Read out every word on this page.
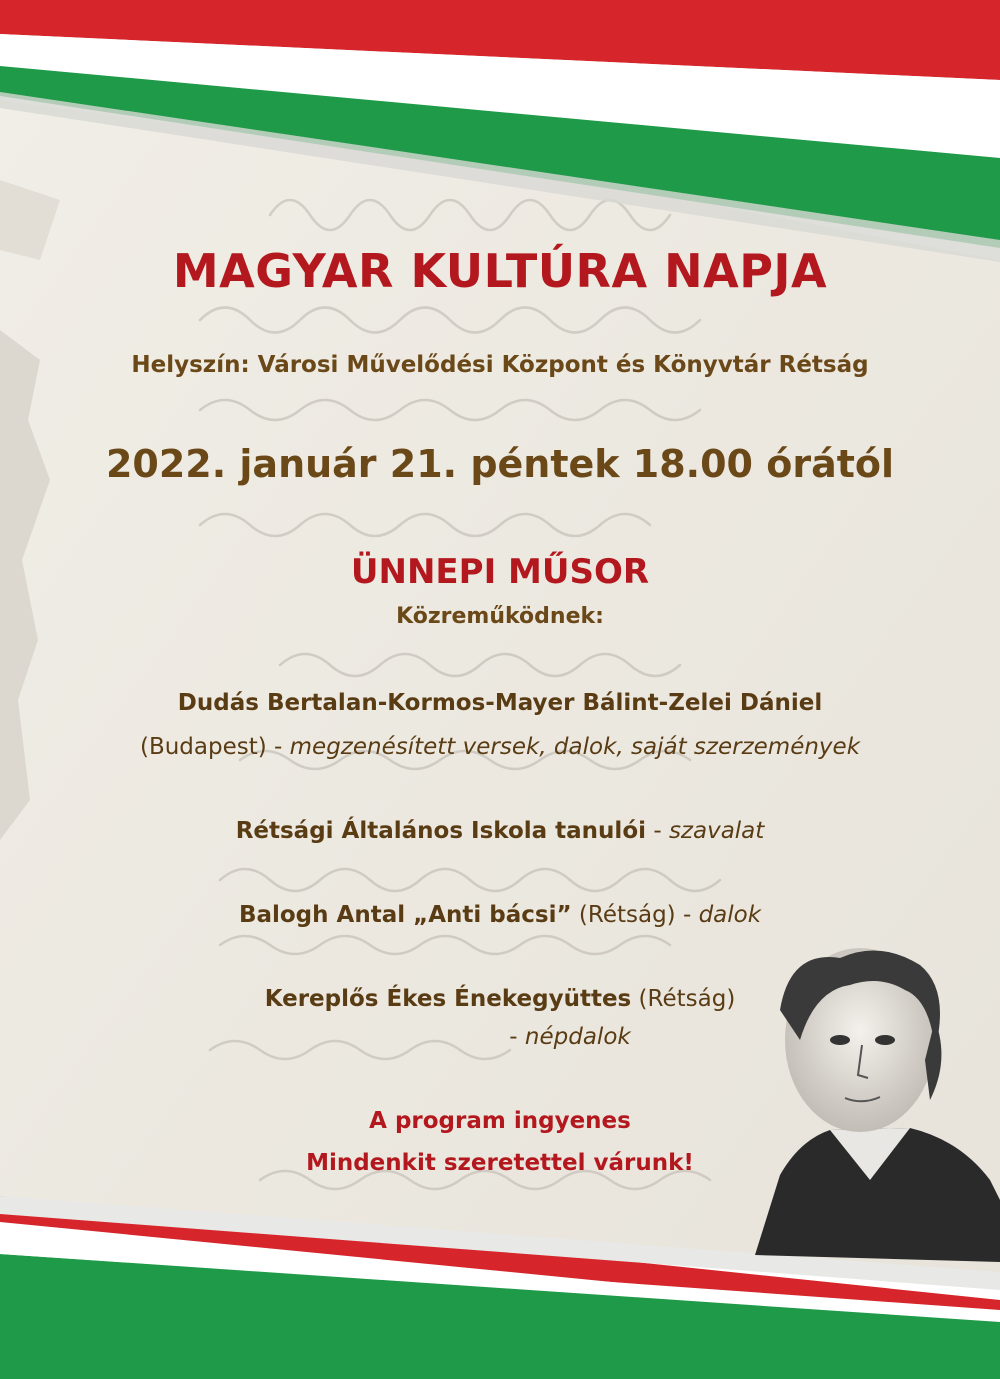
MAGYAR KULTÚRA NAPJA
Helyszín: Városi Művelődési Központ és Könyvtár Rétság
2022. január 21. péntek 18.00 órától
ÜNNEPI MŰSOR
Közreműködnek:
Dudás Bertalan-Kormos-Mayer Bálint-Zelei Dániel
(Budapest) - megzenésített versek, dalok, saját szerzemények
Rétsági Általános Iskola tanulói - szavalat
Balogh Antal „Anti bácsi” (Rétság) - dalok
Kereplős Ékes Énekegyüttes (Rétság)
- népdalok
A program ingyenes
Mindenkit szeretettel várunk!
